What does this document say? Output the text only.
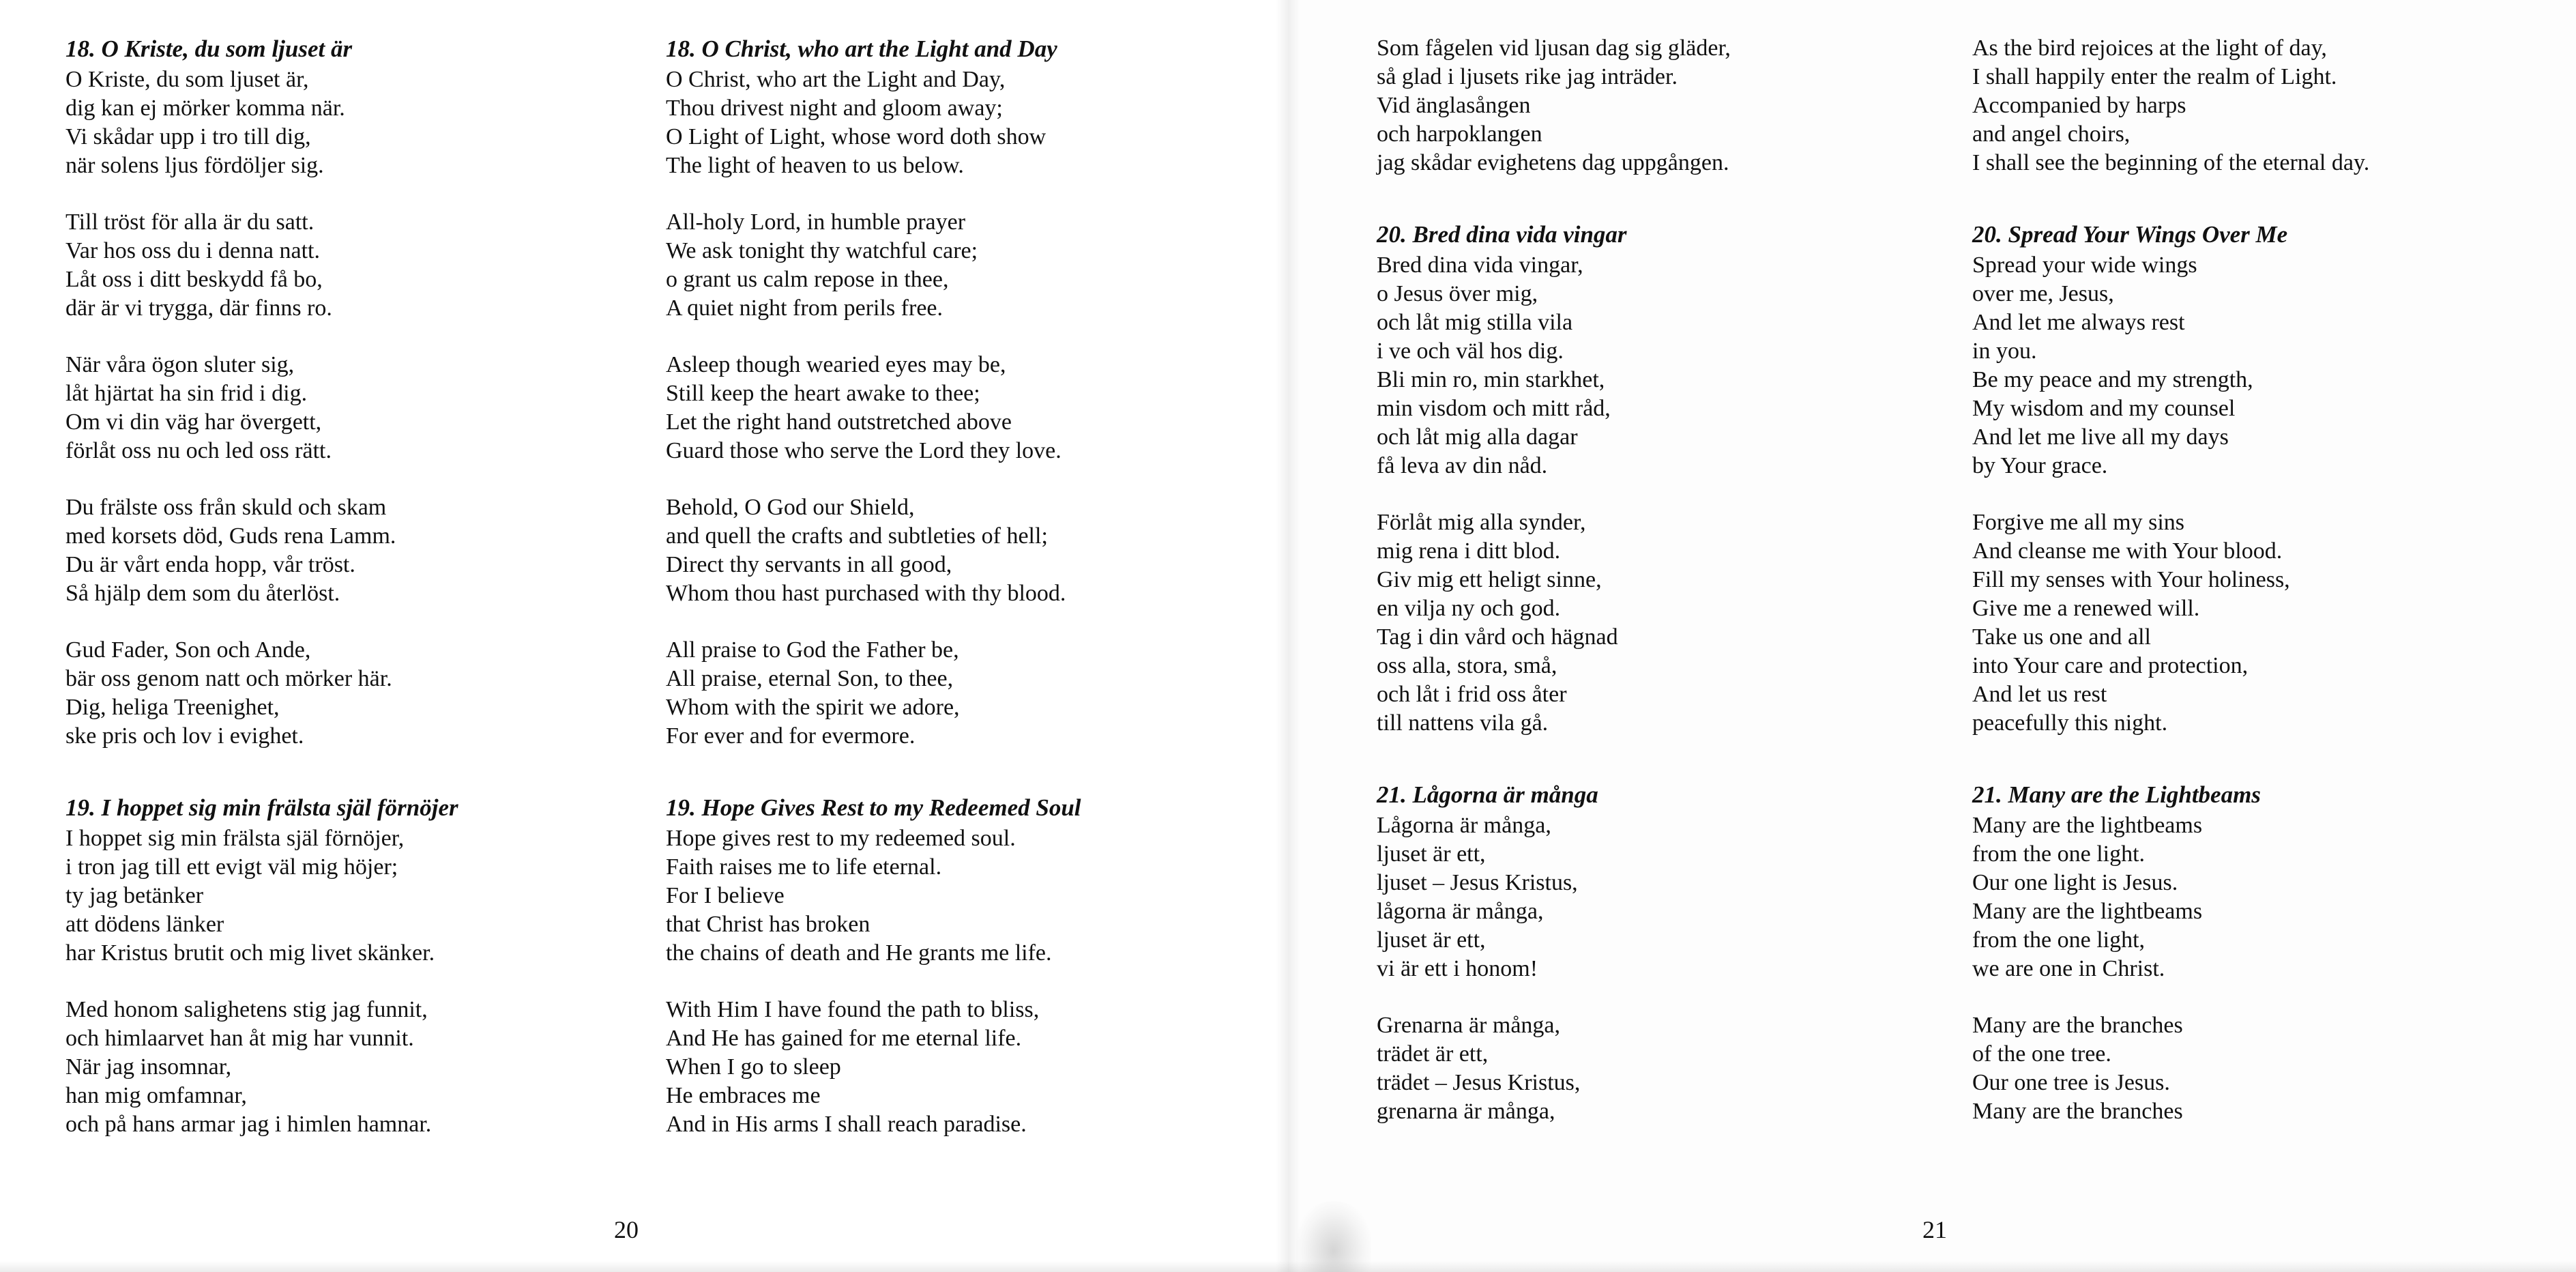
18. O Kriste, du som ljuset är
O Kriste, du som ljuset är,
dig kan ej mörker komma när.
Vi skådar upp i tro till dig,
när solens ljus fördöljer sig.
Till tröst för alla är du satt.
Var hos oss du i denna natt.
Låt oss i ditt beskydd få bo,
där är vi trygga, där finns ro.
När våra ögon sluter sig,
låt hjärtat ha sin frid i dig.
Om vi din väg har övergett,
förlåt oss nu och led oss rätt.
Du frälste oss från skuld och skam
med korsets död, Guds rena Lamm.
Du är vårt enda hopp, vår tröst.
Så hjälp dem som du återlöst.
Gud Fader, Son och Ande,
bär oss genom natt och mörker här.
Dig, heliga Treenighet,
ske pris och lov i evighet.
19. I hoppet sig min frälsta själ förnöjer
I hoppet sig min frälsta själ förnöjer,
i tron jag till ett evigt väl mig höjer;
ty jag betänker
att dödens länker
har Kristus brutit och mig livet skänker.
Med honom salighetens stig jag funnit,
och himlaarvet han åt mig har vunnit.
När jag insomnar,
han mig omfamnar,
och på hans armar jag i himlen hamnar.
18. O Christ, who art the Light and Day
O Christ, who art the Light and Day,
Thou drivest night and gloom away;
O Light of Light, whose word doth show
The light of heaven to us below.
All-holy Lord, in humble prayer
We ask tonight thy watchful care;
o grant us calm repose in thee,
A quiet night from perils free.
Asleep though wearied eyes may be,
Still keep the heart awake to thee;
Let the right hand outstretched above
Guard those who serve the Lord they love.
Behold, O God our Shield,
and quell the crafts and subtleties of hell;
Direct thy servants in all good,
Whom thou hast purchased with thy blood.
All praise to God the Father be,
All praise, eternal Son, to thee,
Whom with the spirit we adore,
For ever and for evermore.
19. Hope Gives Rest to my Redeemed Soul
Hope gives rest to my redeemed soul.
Faith raises me to life eternal.
For I believe
that Christ has broken
the chains of death and He grants me life.
With Him I have found the path to bliss,
And He has gained for me eternal life.
When I go to sleep
He embraces me
And in His arms I shall reach paradise.
20
Som fågelen vid ljusan dag sig gläder,
så glad i ljusets rike jag inträder.
Vid änglasången
och harpoklangen
jag skådar evighetens dag uppgången.
20. Bred dina vida vingar
Bred dina vida vingar,
o Jesus över mig,
och låt mig stilla vila
i ve och väl hos dig.
Bli min ro, min starkhet,
min visdom och mitt råd,
och låt mig alla dagar
få leva av din nåd.
Förlåt mig alla synder,
mig rena i ditt blod.
Giv mig ett heligt sinne,
en vilja ny och god.
Tag i din vård och hägnad
oss alla, stora, små,
och låt i frid oss åter
till nattens vila gå.
21. Lågorna är många
Lågorna är många,
ljuset är ett,
ljuset – Jesus Kristus,
lågorna är många,
ljuset är ett,
vi är ett i honom!
Grenarna är många,
trädet är ett,
trädet – Jesus Kristus,
grenarna är många,
As the bird rejoices at the light of day,
I shall happily enter the realm of Light.
Accompanied by harps
and angel choirs,
I shall see the beginning of the eternal day.
20. Spread Your Wings Over Me
Spread your wide wings
over me, Jesus,
And let me always rest
in you.
Be my peace and my strength,
My wisdom and my counsel
And let me live all my days
by Your grace.
Forgive me all my sins
And cleanse me with Your blood.
Fill my senses with Your holiness,
Give me a renewed will.
Take us one and all
into Your care and protection,
And let us rest
peacefully this night.
21. Many are the Lightbeams
Many are the lightbeams
from the one light.
Our one light is Jesus.
Many are the lightbeams
from the one light,
we are one in Christ.
Many are the branches
of the one tree.
Our one tree is Jesus.
Many are the branches
21
